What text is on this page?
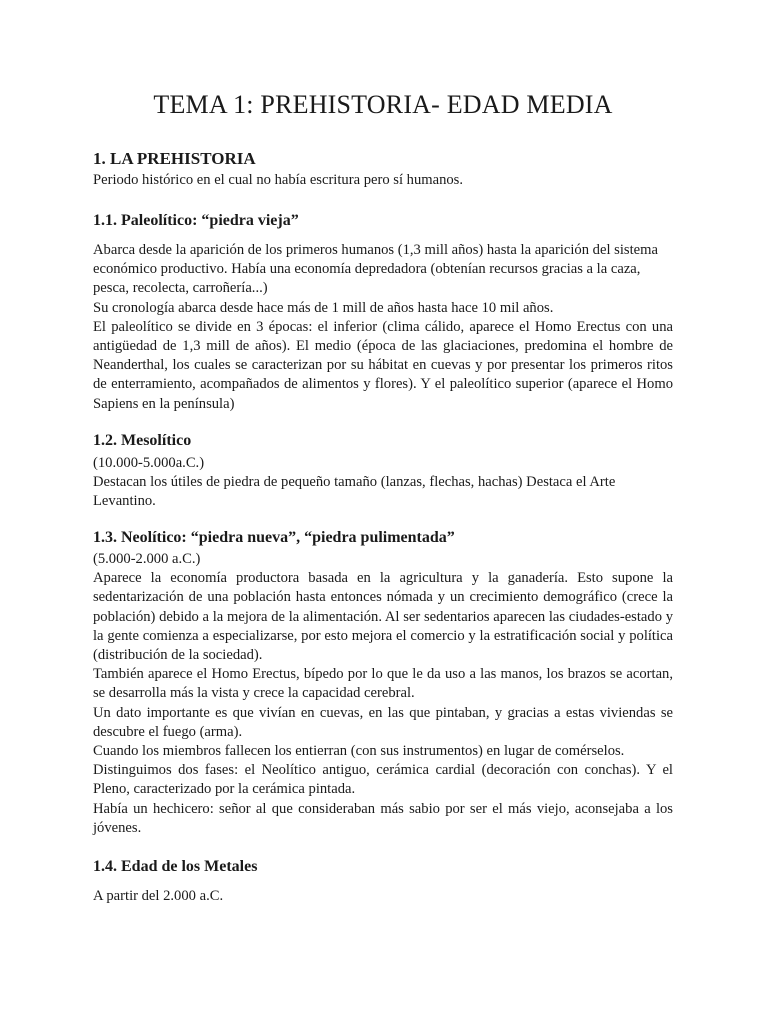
TEMA 1: PREHISTORIA- EDAD MEDIA
1. LA PREHISTORIA

Periodo histórico en el cual no había escritura pero sí humanos.

1.1. Paleolítico: “piedra vieja”

Abarca desde la aparición de los primeros humanos (1,3 mill años) hasta la aparición del sistema económico productivo. Había una economía depredadora (obtenían recursos gracias a la caza, pesca, recolecta, carroñería...)

Su cronología abarca desde hace más de 1 mill de años hasta hace 10 mil años.

El paleolítico se divide en 3 épocas: el inferior (clima cálido, aparece el Homo Erectus con una antigüedad de 1,3 mill de años). El medio (época de las glaciaciones, predomina el hombre de Neanderthal, los cuales se caracterizan por su hábitat en cuevas y por presentar los primeros ritos de enterramiento, acompañados de alimentos y flores). Y el paleolítico superior (aparece el Homo Sapiens en la península)

1.2. Mesolítico

(10.000-5.000a.C.)

Destacan los útiles de piedra de pequeño tamaño (lanzas, flechas, hachas) Destaca el Arte Levantino.

1.3. Neolítico: “piedra nueva”, “piedra pulimentada”

(5.000-2.000 a.C.)

Aparece la economía productora basada en la agricultura y la ganadería. Esto supone la sedentarización de una población hasta entonces nómada y un crecimiento demográfico (crece la población) debido a la mejora de la alimentación. Al ser sedentarios aparecen las ciudades-estado y la gente comienza a especializarse, por esto mejora el comercio y la estratificación social y política (distribución de la sociedad).

También aparece el Homo Erectus, bípedo por lo que le da uso a las manos, los brazos se acortan, se desarrolla más la vista y crece la capacidad cerebral.

Un dato importante es que vivían en cuevas, en las que pintaban, y gracias a estas viviendas se descubre el fuego (arma).

Cuando los miembros fallecen los entierran (con sus instrumentos) en lugar de comérselos.

Distinguimos dos fases: el Neolítico antiguo, cerámica cardial (decoración con conchas). Y el Pleno, caracterizado por la cerámica pintada.

Había un hechicero: señor al que consideraban más sabio por ser el más viejo, aconsejaba a los jóvenes.

1.4. Edad de los Metales

A partir del 2.000 a.C.
